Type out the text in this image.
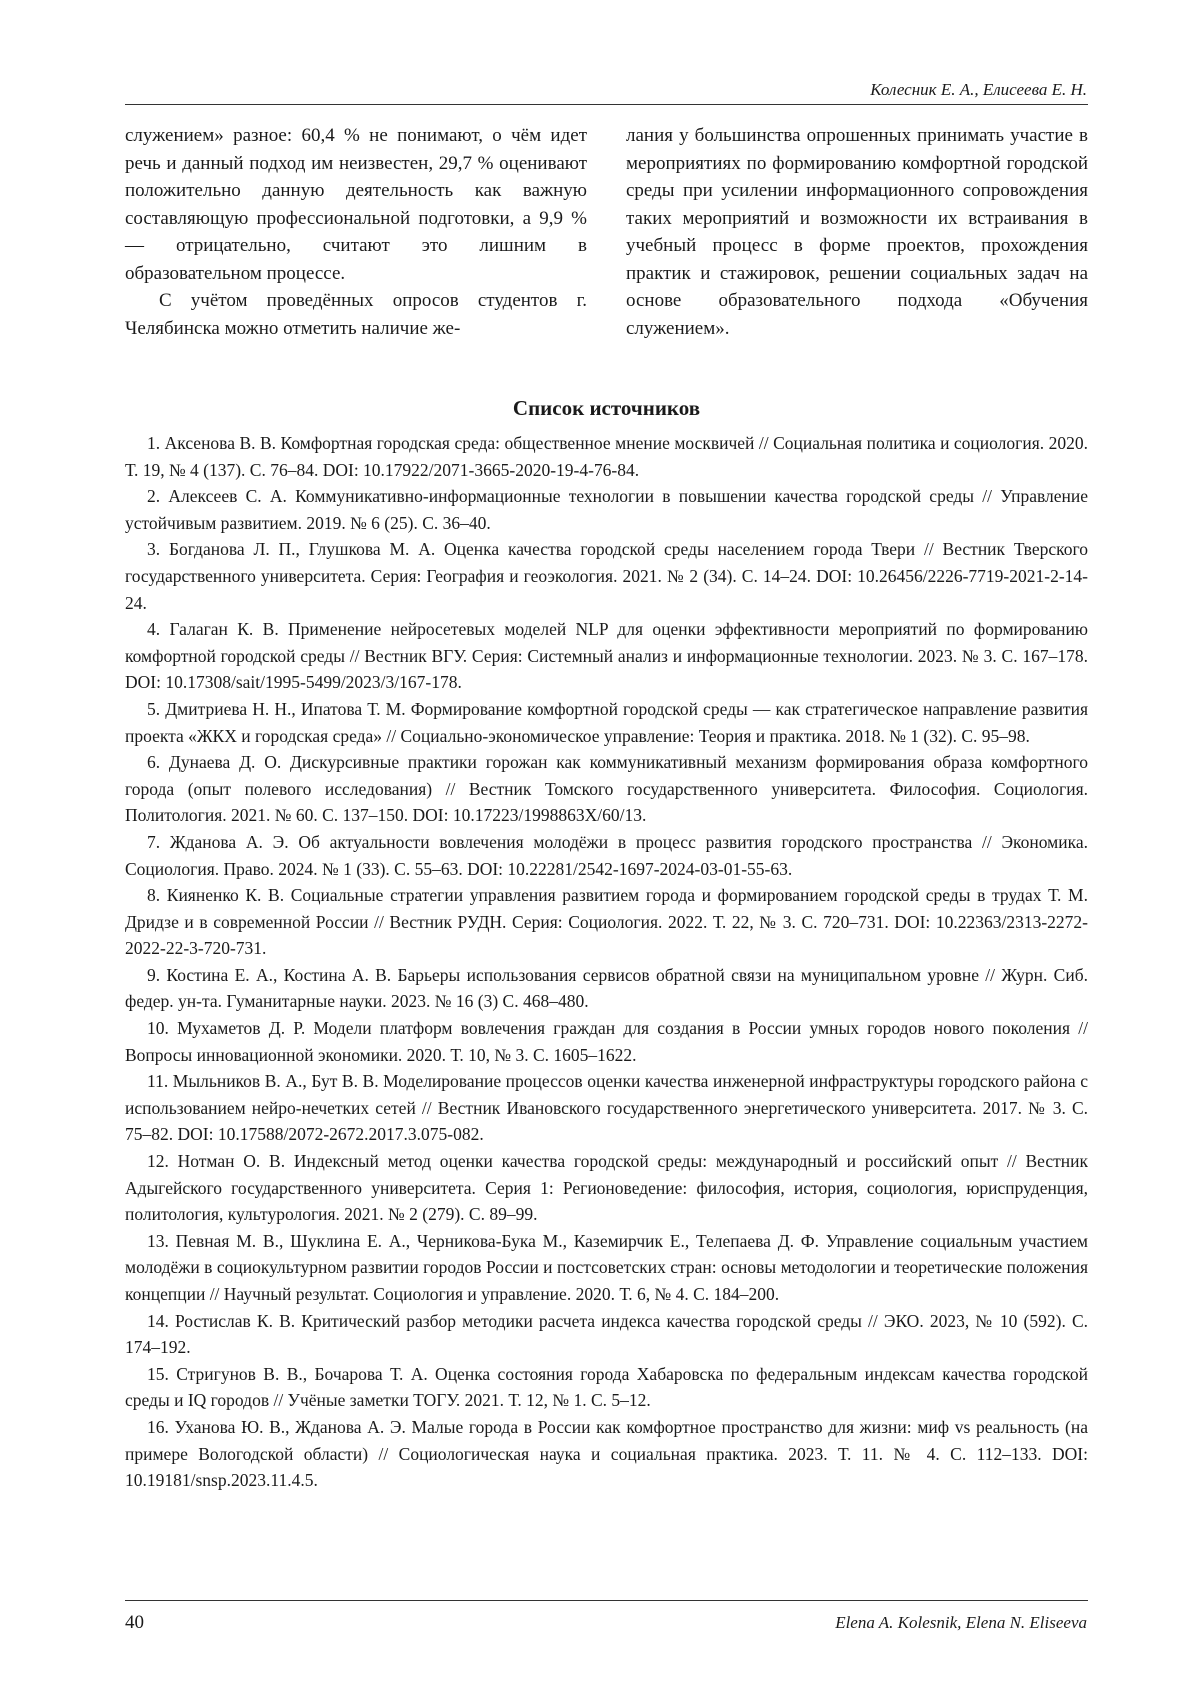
Колесник Е. А., Елисеева Е. Н.

служением» разное: 60,4 % не понимают, о чём идет речь и данный подход им неизвестен, 29,7 % оценивают положительно данную деятельность как важную составляющую профессиональной подготовки, а 9,9 % — отрицательно, считают это лишним в образовательном процессе.

С учётом проведённых опросов студентов г. Челябинска можно отметить наличие же-

лания у большинства опрошенных принимать участие в мероприятиях по формированию комфортной городской среды при усилении информационного сопровождения таких мероприятий и возможности их встраивания в учебный процесс в форме проектов, прохождения практик и стажировок, решении социальных задач на основе образовательного подхода «Обучения служением».

Список источников
1. Аксенова В. В. Комфортная городская среда: общественное мнение москвичей // Социальная политика и социология. 2020. Т. 19, № 4 (137). С. 76–84. DOI: 10.17922/2071-3665-2020-19-4-76-84.
2. Алексеев С. А. Коммуникативно-информационные технологии в повышении качества городской среды // Управление устойчивым развитием. 2019. № 6 (25). С. 36–40.
3. Богданова Л. П., Глушкова М. А. Оценка качества городской среды населением города Твери // Вестник Тверского государственного университета. Серия: География и геоэкология. 2021. № 2 (34). С. 14–24. DOI: 10.26456/2226-7719-2021-2-14-24.
4. Галаган К. В. Применение нейросетевых моделей NLP для оценки эффективности мероприятий по формированию комфортной городской среды // Вестник ВГУ. Серия: Системный анализ и информационные технологии. 2023. № 3. С. 167–178. DOI: 10.17308/sait/1995-5499/2023/3/167-178.
5. Дмитриева Н. Н., Ипатова Т. М. Формирование комфортной городской среды — как стратегическое направление развития проекта «ЖКХ и городская среда» // Социально-экономическое управление: Теория и практика. 2018. № 1 (32). С. 95–98.
6. Дунаева Д. О. Дискурсивные практики горожан как коммуникативный механизм формирования образа комфортного города (опыт полевого исследования) // Вестник Томского государственного университета. Философия. Социология. Политология. 2021. № 60. С. 137–150. DOI: 10.17223/1998863X/60/13.
7. Жданова А. Э. Об актуальности вовлечения молодёжи в процесс развития городского пространства // Экономика. Социология. Право. 2024. № 1 (33). С. 55–63. DOI: 10.22281/2542-1697-2024-03-01-55-63.
8. Кияненко К. В. Социальные стратегии управления развитием города и формированием городской среды в трудах Т. М. Дридзе и в современной России // Вестник РУДН. Серия: Социология. 2022. Т. 22, № 3. С. 720–731. DOI: 10.22363/2313-2272-2022-22-3-720-731.
9. Костина Е. А., Костина А. В. Барьеры использования сервисов обратной связи на муниципальном уровне // Журн. Сиб. федер. ун-та. Гуманитарные науки. 2023. № 16 (3) С. 468–480.
10. Мухаметов Д. Р. Модели платформ вовлечения граждан для создания в России умных городов нового поколения // Вопросы инновационной экономики. 2020. Т. 10, № 3. С. 1605–1622.
11. Мыльников В. А., Бут В. В. Моделирование процессов оценки качества инженерной инфраструктуры городского района с использованием нейро-нечетких сетей // Вестник Ивановского государственного энергетического университета. 2017. № 3. С. 75–82. DOI: 10.17588/2072-2672.2017.3.075-082.
12. Нотман О. В. Индексный метод оценки качества городской среды: международный и российский опыт // Вестник Адыгейского государственного университета. Серия 1: Регионоведение: философия, история, социология, юриспруденция, политология, культурология. 2021. № 2 (279). С. 89–99.
13. Певная М. В., Шуклина Е. А., Черникова-Бука М., Каземирчик Е., Телепаева Д. Ф. Управление социальным участием молодёжи в социокультурном развитии городов России и постсоветских стран: основы методологии и теоретические положения концепции // Научный результат. Социология и управление. 2020. Т. 6, № 4. С. 184–200.
14. Ростислав К. В. Критический разбор методики расчета индекса качества городской среды // ЭКО. 2023, № 10 (592). С. 174–192.
15. Стригунов В. В., Бочарова Т. А. Оценка состояния города Хабаровска по федеральным индексам качества городской среды и IQ городов // Учёные заметки ТОГУ. 2021. Т. 12, № 1. С. 5–12.
16. Уханова Ю. В., Жданова А. Э. Малые города в России как комфортное пространство для жизни: миф vs реальность (на примере Вологодской области) // Социологическая наука и социальная практика. 2023. Т. 11. № 4. С. 112–133. DOI: 10.19181/snsp.2023.11.4.5.
40	Elena A. Kolesnik, Elena N. Eliseeva
